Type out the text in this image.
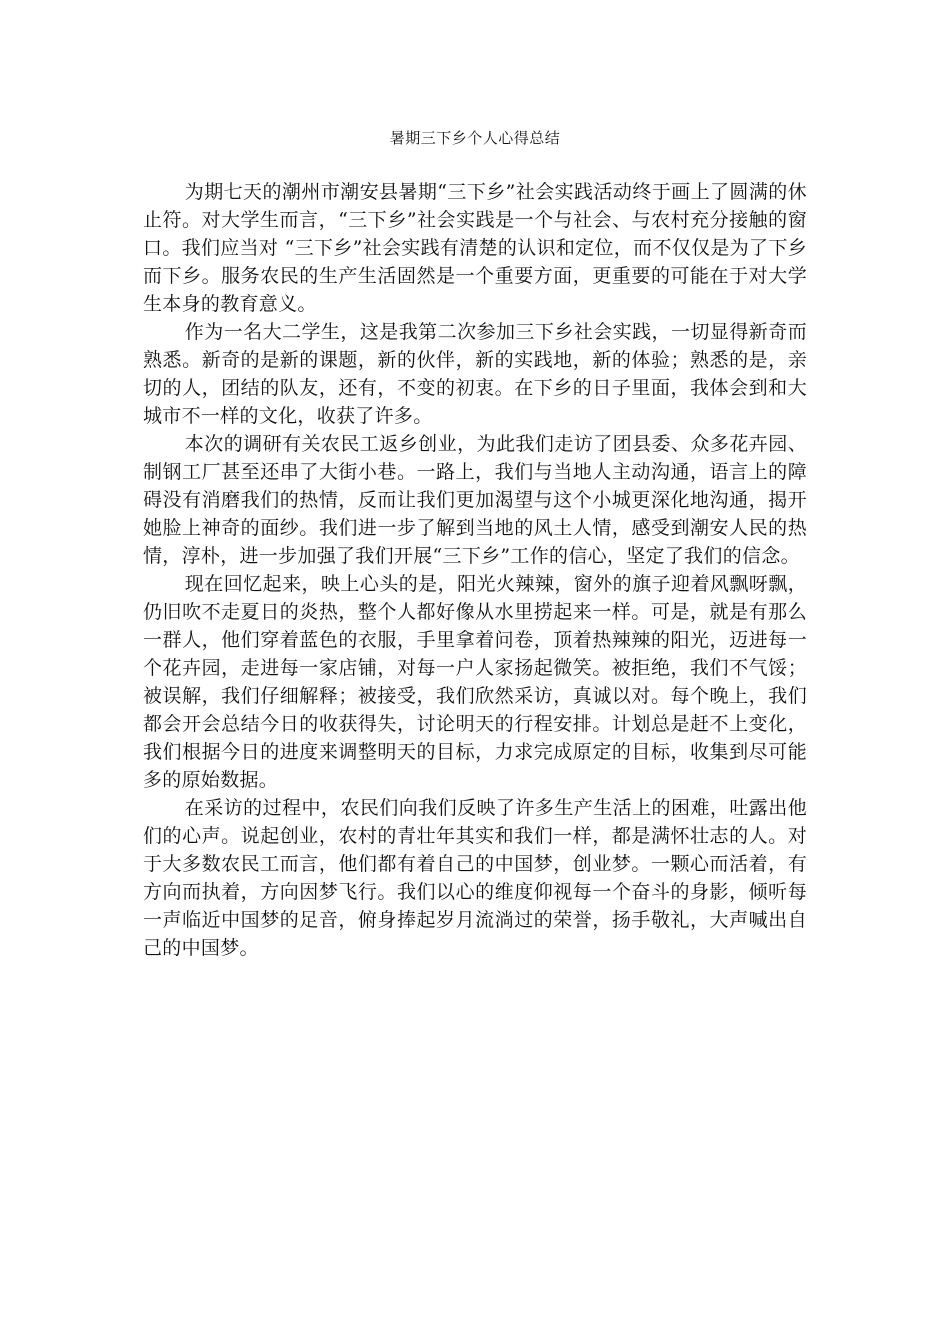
暑期三下乡个人心得总结

为期七天的潮州市潮安县暑期“三下乡”社会实践活动终于画上了圆满的休止符。对大学生而言，“三下乡”社会实践是一个与社会、与农村充分接触的窗口。我们应当对 “三下乡”社会实践有清楚的认识和定位，而不仅仅是为了下乡而下乡。服务农民的生产生活固然是一个重要方面，更重要的可能在于对大学生本身的教育意义。

作为一名大二学生，这是我第二次参加三下乡社会实践，一切显得新奇而熟悉。新奇的是新的课题，新的伙伴，新的实践地，新的体验；熟悉的是，亲切的人，团结的队友，还有，不变的初衷。在下乡的日子里面，我体会到和大城市不一样的文化，收获了许多。

本次的调研有关农民工返乡创业，为此我们走访了团县委、众多花卉园、制钢工厂甚至还串了大街小巷。一路上，我们与当地人主动沟通，语言上的障碍没有消磨我们的热情，反而让我们更加渴望与这个小城更深化地沟通，揭开她脸上神奇的面纱。我们进一步了解到当地的风土人情，感受到潮安人民的热情，淳朴，进一步加强了我们开展“三下乡”工作的信心，坚定了我们的信念。

现在回忆起来，映上心头的是，阳光火辣辣，窗外的旗子迎着风飘呀飘，仍旧吹不走夏日的炎热，整个人都好像从水里捞起来一样。可是，就是有那么一群人，他们穿着蓝色的衣服，手里拿着问卷，顶着热辣辣的阳光，迈进每一个花卉园，走进每一家店铺，对每一户人家扬起微笑。被拒绝，我们不气馁；被误解，我们仔细解释；被接受，我们欣然采访，真诚以对。每个晚上，我们都会开会总结今日的收获得失，讨论明天的行程安排。计划总是赶不上变化，我们根据今日的进度来调整明天的目标，力求完成原定的目标，收集到尽可能多的原始数据。

在采访的过程中，农民们向我们反映了许多生产生活上的困难，吐露出他们的心声。说起创业，农村的青壮年其实和我们一样，都是满怀壮志的人。对于大多数农民工而言，他们都有着自己的中国梦，创业梦。一颗心而活着，有方向而执着，方向因梦飞行。我们以心的维度仰视每一个奋斗的身影，倾听每一声临近中国梦的足音，俯身捧起岁月流淌过的荣誉，扬手敬礼，大声喊出自己的中国梦。
